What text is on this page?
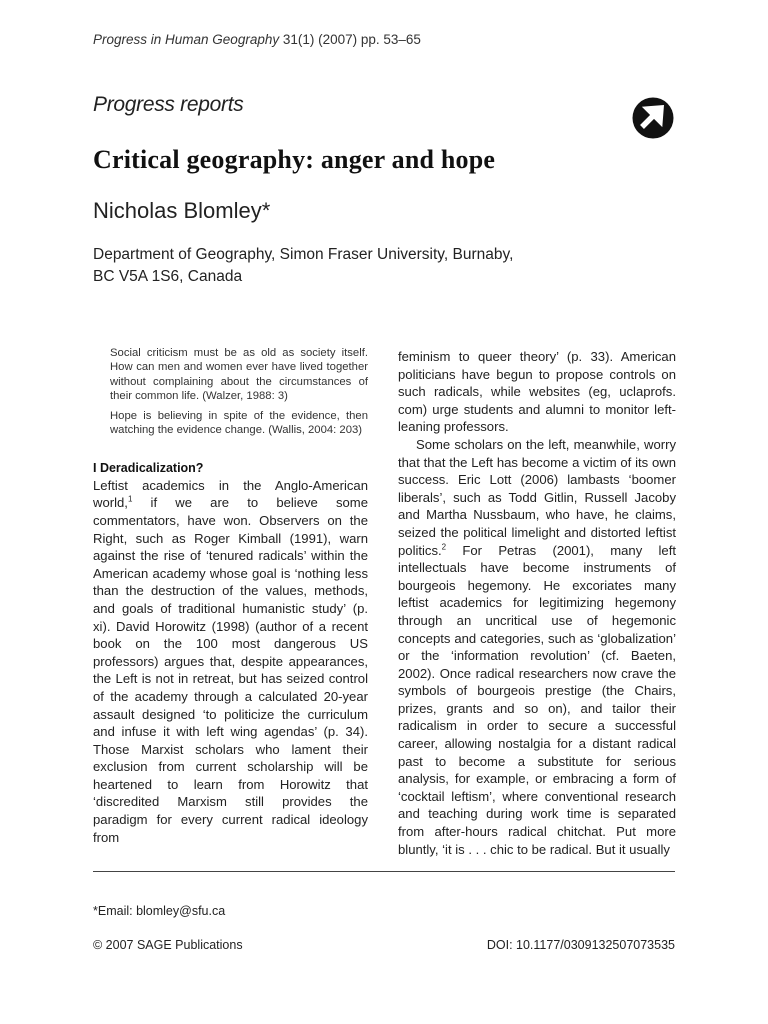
Progress in Human Geography 31(1) (2007) pp. 53–65
Progress reports
Critical geography: anger and hope
Nicholas Blomley*
Department of Geography, Simon Fraser University, Burnaby,
BC V5A 1S6, Canada
Social criticism must be as old as society itself. How can men and women ever have lived together without complaining about the circumstances of their common life. (Walzer, 1988: 3)
Hope is believing in spite of the evidence, then watching the evidence change. (Wallis, 2004: 203)
I Deradicalization?

Leftist academics in the Anglo-American world,$^1$ if we are to believe some commentators, have won. Observers on the Right, such as Roger Kimball (1991), warn against the rise of ‘tenured radicals’ within the American academy whose goal is ‘nothing less than the destruction of the values, methods, and goals of traditional humanistic study’ (p. xi). David Horowitz (1998) (author of a recent book on the 100 most dangerous US professors) argues that, despite appearances, the Left is not in retreat, but has seized control of the academy through a calculated 20-year assault designed ‘to politicize the curriculum and infuse it with left wing agendas’ (p. 34). Those Marxist scholars who lament their exclusion from current scholarship will be heartened to learn from Horowitz that ‘discredited Marxism still provides the paradigm for every current radical ideology from

feminism to queer theory’ (p. 33). American politicians have begun to propose controls on such radicals, while websites (eg, uclaprofs. com) urge students and alumni to monitor left-leaning professors.

Some scholars on the left, meanwhile, worry that that the Left has become a victim of its own success. Eric Lott (2006) lambasts ‘boomer liberals’, such as Todd Gitlin, Russell Jacoby and Martha Nussbaum, who have, he claims, seized the political limelight and distorted leftist politics.$^2$ For Petras (2001), many left intellectuals have become instruments of bourgeois hegemony. He excoriates many leftist academics for legitimizing hegemony through an uncritical use of hegemonic concepts and categories, such as ‘globalization’ or the ‘information revolution’ (cf. Baeten, 2002). Once radical researchers now crave the symbols of bourgeois prestige (the Chairs, prizes, grants and so on), and tailor their radicalism in order to secure a successful career, allowing nostalgia for a distant radical past to become a substitute for serious analysis, for example, or embracing a form of ‘cocktail leftism’, where conventional research and teaching during work time is separated from after-hours radical chitchat. Put more bluntly, ‘it is . . . chic to be radical. But it usually

*Email: blomley@sfu.ca
© 2007 SAGE Publications	DOI: 10.1177/0309132507073535
